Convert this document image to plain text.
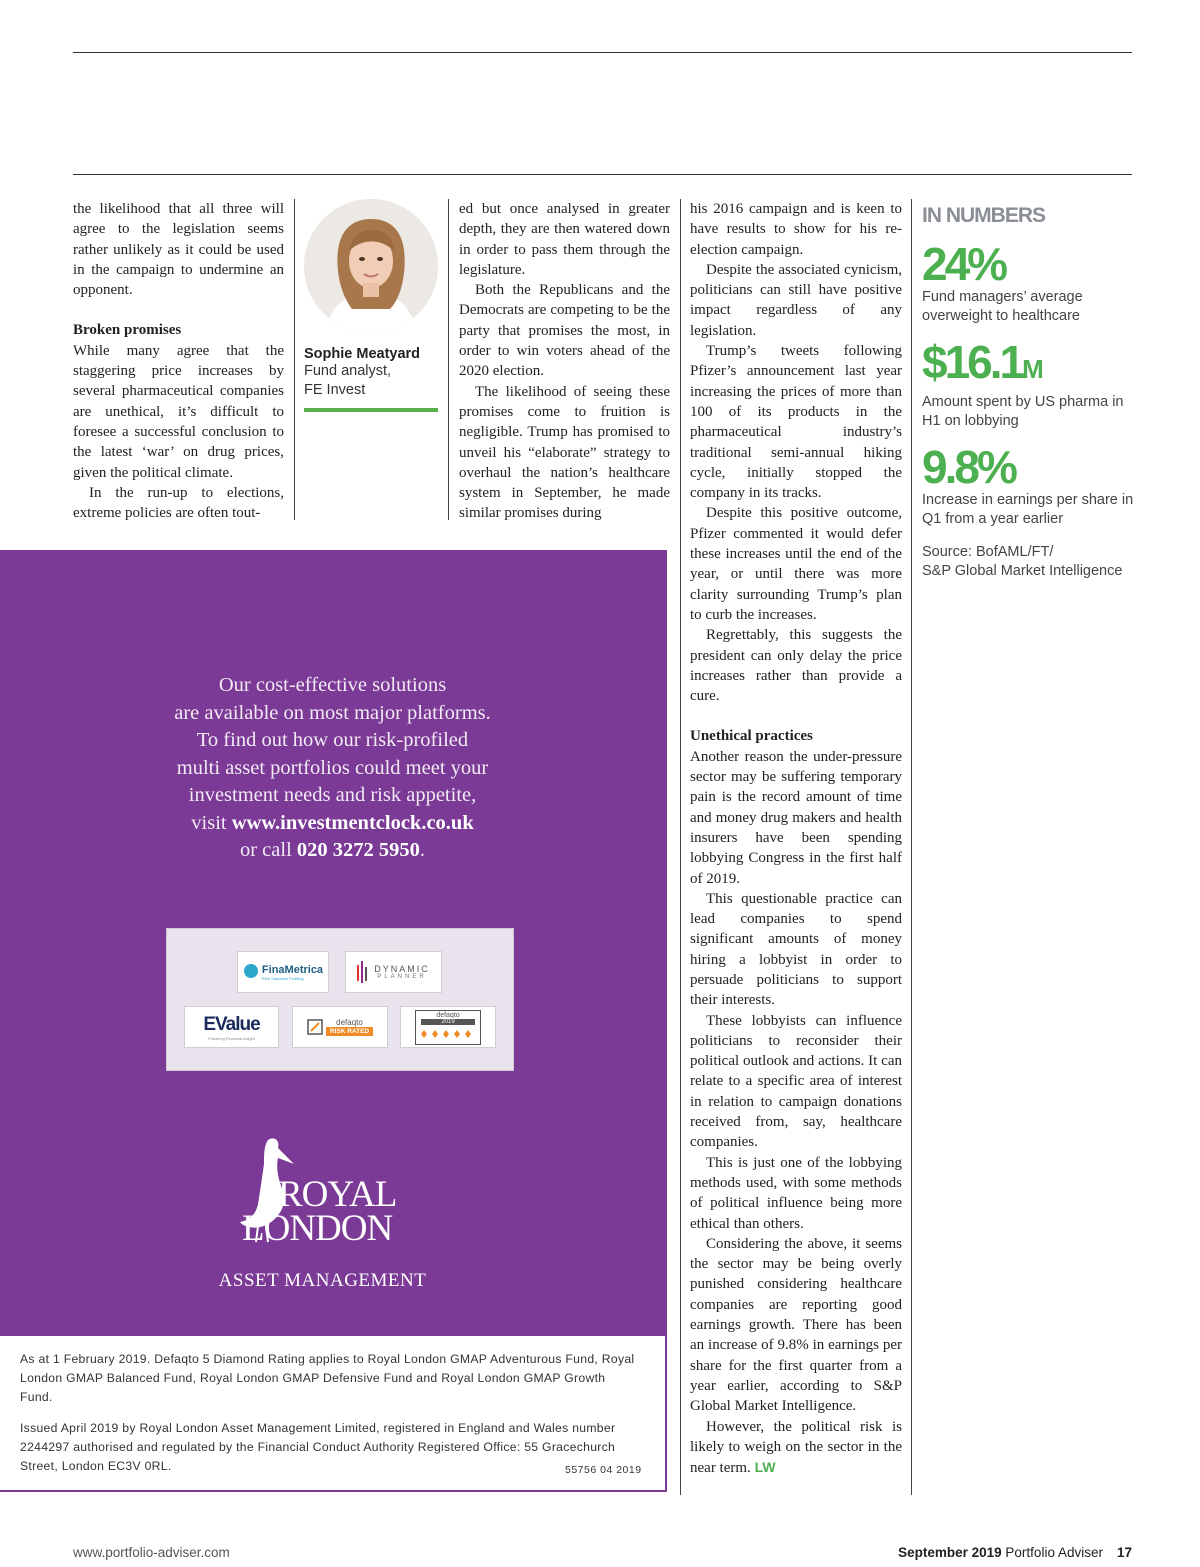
the likelihood that all three will agree to the legislation seems rather unlikely as it could be used in the campaign to undermine an opponent.

Broken promises

While many agree that the staggering price increases by several pharmaceutical companies are unethical, it’s difficult to foresee a successful conclusion to the latest ‘war’ on drug prices, given the political climate.

In the run-up to elections, extreme policies are often tout-

Sophie Meatyard
Fund analyst,
FE Invest

ed but once analysed in greater depth, they are then watered down in order to pass them through the legislature.

Both the Republicans and the Democrats are competing to be the party that promises the most, in order to win voters ahead of the 2020 election.

The likelihood of seeing these promises come to fruition is negligible. Trump has promised to unveil his “elaborate” strategy to overhaul the nation’s healthcare system in September, he made similar promises during

his 2016 campaign and is keen to have results to show for his re-election campaign.

Despite the associated cynicism, politicians can still have positive impact regardless of any legislation.

Trump’s tweets following Pfizer’s announcement last year increasing the prices of more than 100 of its products in the pharmaceutical industry’s traditional semi-annual hiking cycle, initially stopped the company in its tracks.

Despite this positive outcome, Pfizer commented it would defer these increases until the end of the year, or until there was more clarity surrounding Trump’s plan to curb the increases.

Regrettably, this suggests the president can only delay the price increases rather than provide a cure.

Unethical practices

Another reason the under-pressure sector may be suffering temporary pain is the record amount of time and money drug makers and health insurers have been spending lobbying Congress in the first half of 2019.

This questionable practice can lead companies to spend significant amounts of money hiring a lobbyist in order to persuade politicians to support their interests.

These lobbyists can influence politicians to reconsider their political outlook and actions. It can relate to a specific area of interest in relation to campaign donations received from, say, healthcare companies.

This is just one of the lobbying methods used, with some methods of political influence being more ethical than others.

Considering the above, it seems the sector may be being overly punished considering healthcare companies are reporting good earnings growth. There has been an increase of 9.8% in earnings per share for the first quarter from a year earlier, according to S&P Global Market Intelligence.

However, the political risk is likely to weigh on the sector in the near term. LW

IN NUMBERS
24%
Fund managers’ average overweight to healthcare
$16.1M
Amount spent by US pharma in H1 on lobbying
9.8%
Increase in earnings per share in Q1 from a year earlier
Source: BofAML/FT/
S&P Global Market Intelligence
Our cost-effective solutions
are available on most major platforms.
To find out how our risk-profiled
multi asset portfolios could meet your
investment needs and risk appetite,
visit www.investmentclock.co.uk
or call 020 3272 5950.
FinaMetrica
Risk Tolerance Profiling
DYNAMIC
PLANNER
EValue
Powering Financial Insight
defaqto
RISK RATED
defaqto
2019
ROYAL
LONDON
ASSET MANAGEMENT
As at 1 February 2019. Defaqto 5 Diamond Rating applies to Royal London GMAP Adventurous Fund, Royal London GMAP Balanced Fund, Royal London GMAP Defensive Fund and Royal London GMAP Growth Fund.
Issued April 2019 by Royal London Asset Management Limited, registered in England and Wales number 2244297 authorised and regulated by the Financial Conduct Authority Registered Office: 55 Gracechurch Street, London EC3V 0RL.	55756 04 2019
www.portfolio-adviser.com	September 2019 Portfolio Adviser 17
